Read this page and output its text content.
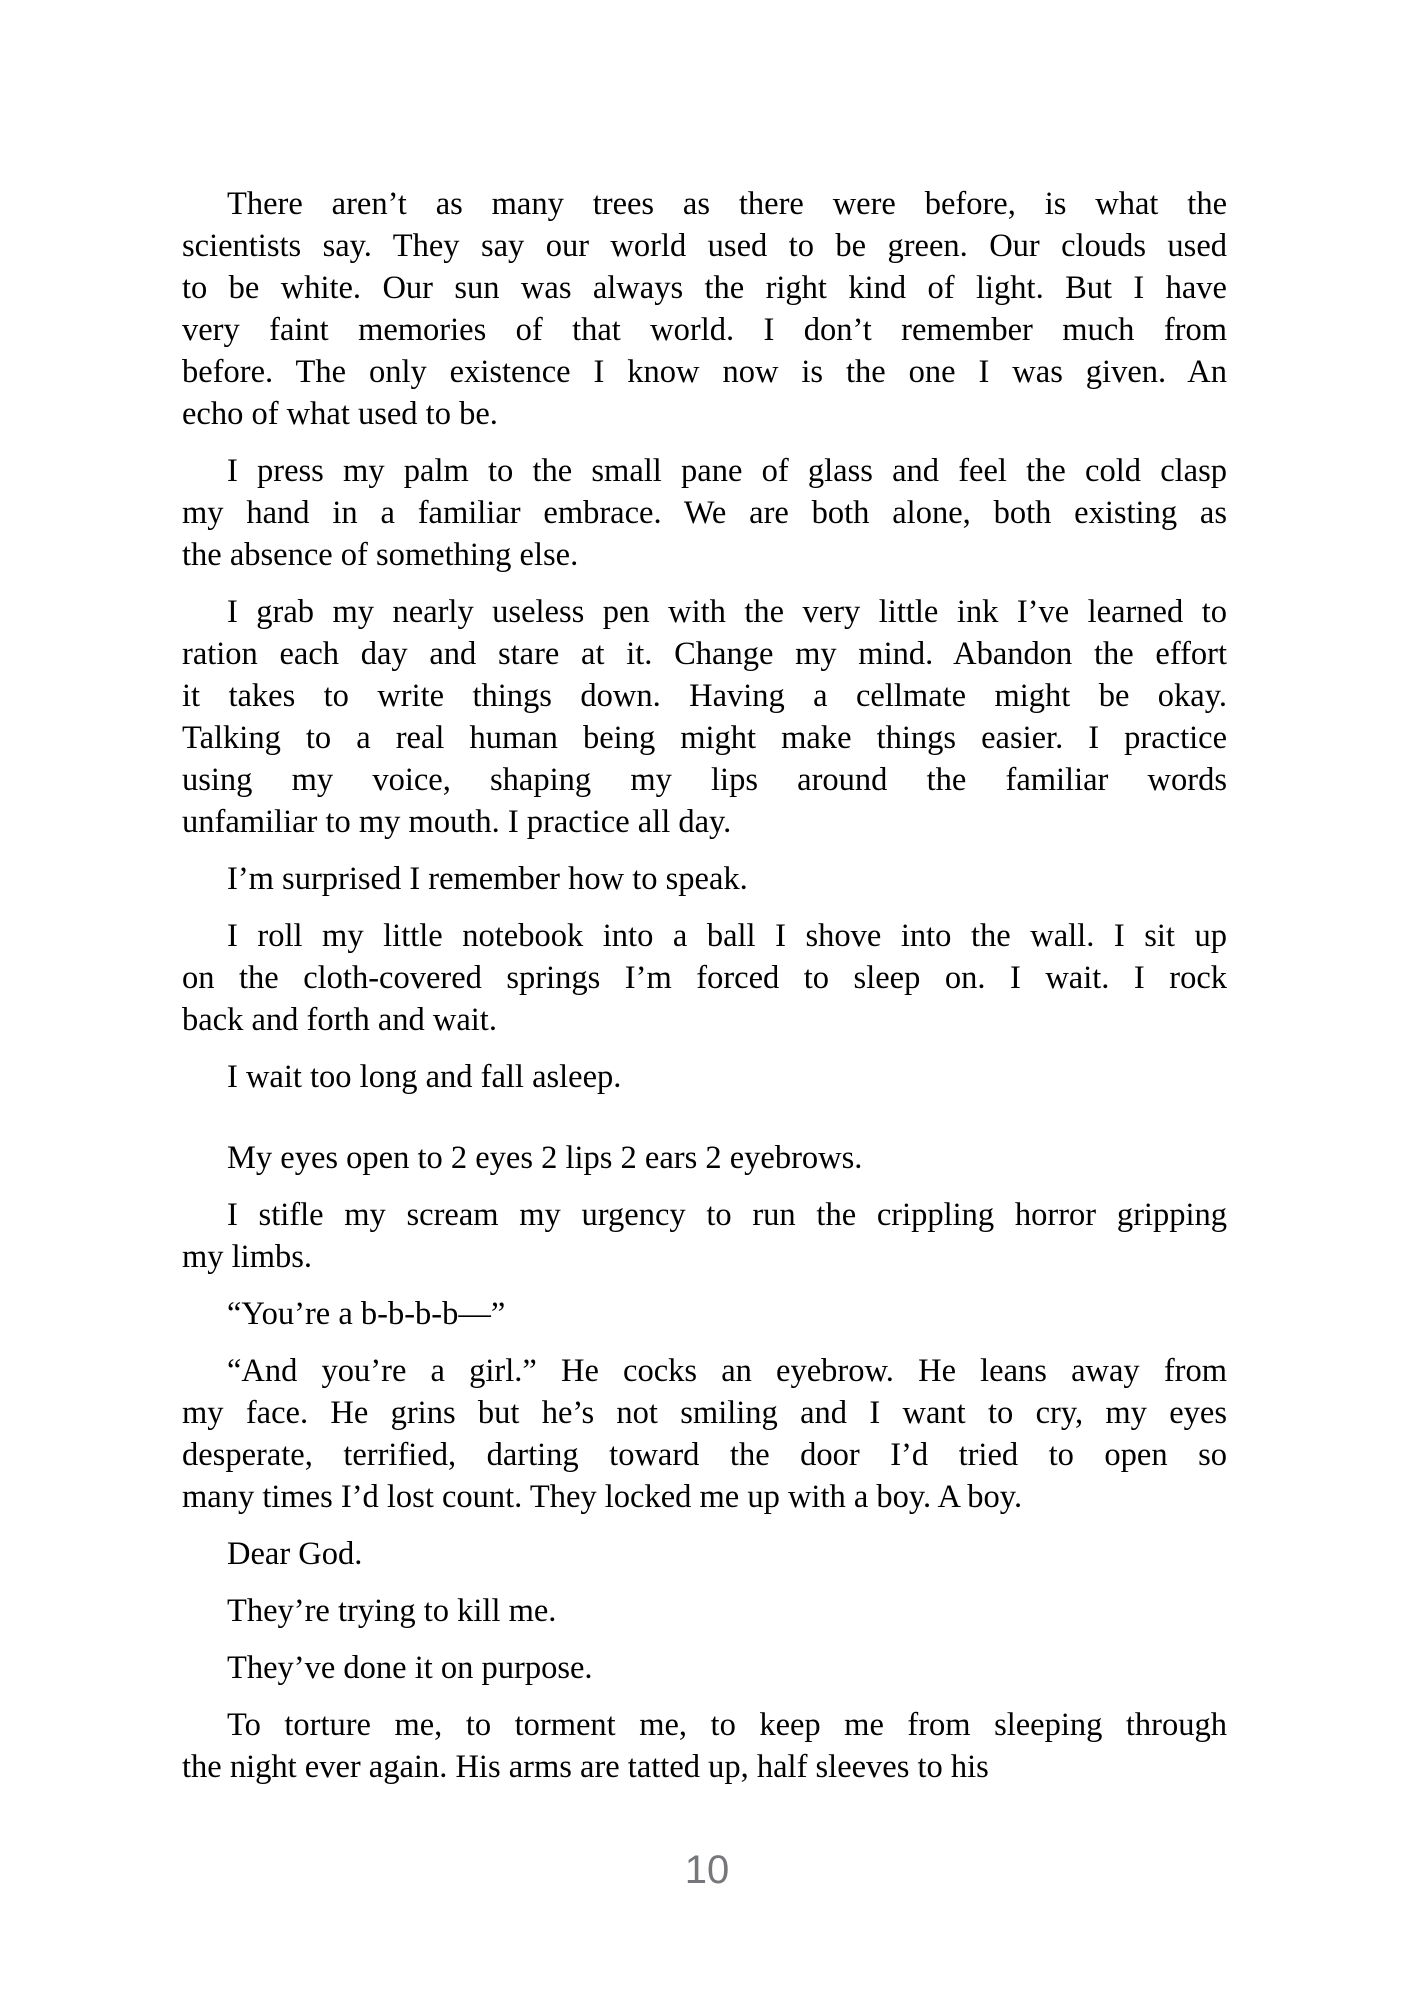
There aren’t as many trees as there were before, is what the
scientists say. They say our world used to be green. Our clouds used
to be white. Our sun was always the right kind of light. But I have
very faint memories of that world. I don’t remember much from
before. The only existence I know now is the one I was given. An
echo of what used to be.

I press my palm to the small pane of glass and feel the cold clasp
my hand in a familiar embrace. We are both alone, both existing as
the absence of something else.

I grab my nearly useless pen with the very little ink I’ve learned to
ration each day and stare at it. Change my mind. Abandon the effort
it takes to write things down. Having a cellmate might be okay.
Talking to a real human being might make things easier. I practice
using my voice, shaping my lips around the familiar words
unfamiliar to my mouth. I practice all day.

I’m surprised I remember how to speak.

I roll my little notebook into a ball I shove into the wall. I sit up
on the cloth-covered springs I’m forced to sleep on. I wait. I rock
back and forth and wait.

I wait too long and fall asleep.

My eyes open to 2 eyes 2 lips 2 ears 2 eyebrows.

I stifle my scream my urgency to run the crippling horror gripping
my limbs.

“You’re a b-b-b-b—”

“And you’re a girl.” He cocks an eyebrow. He leans away from
my face. He grins but he’s not smiling and I want to cry, my eyes
desperate, terrified, darting toward the door I’d tried to open so
many times I’d lost count. They locked me up with a boy. A boy.

Dear God.

They’re trying to kill me.

They’ve done it on purpose.

To torture me, to torment me, to keep me from sleeping through
the night ever again. His arms are tatted up, half sleeves to his

10
